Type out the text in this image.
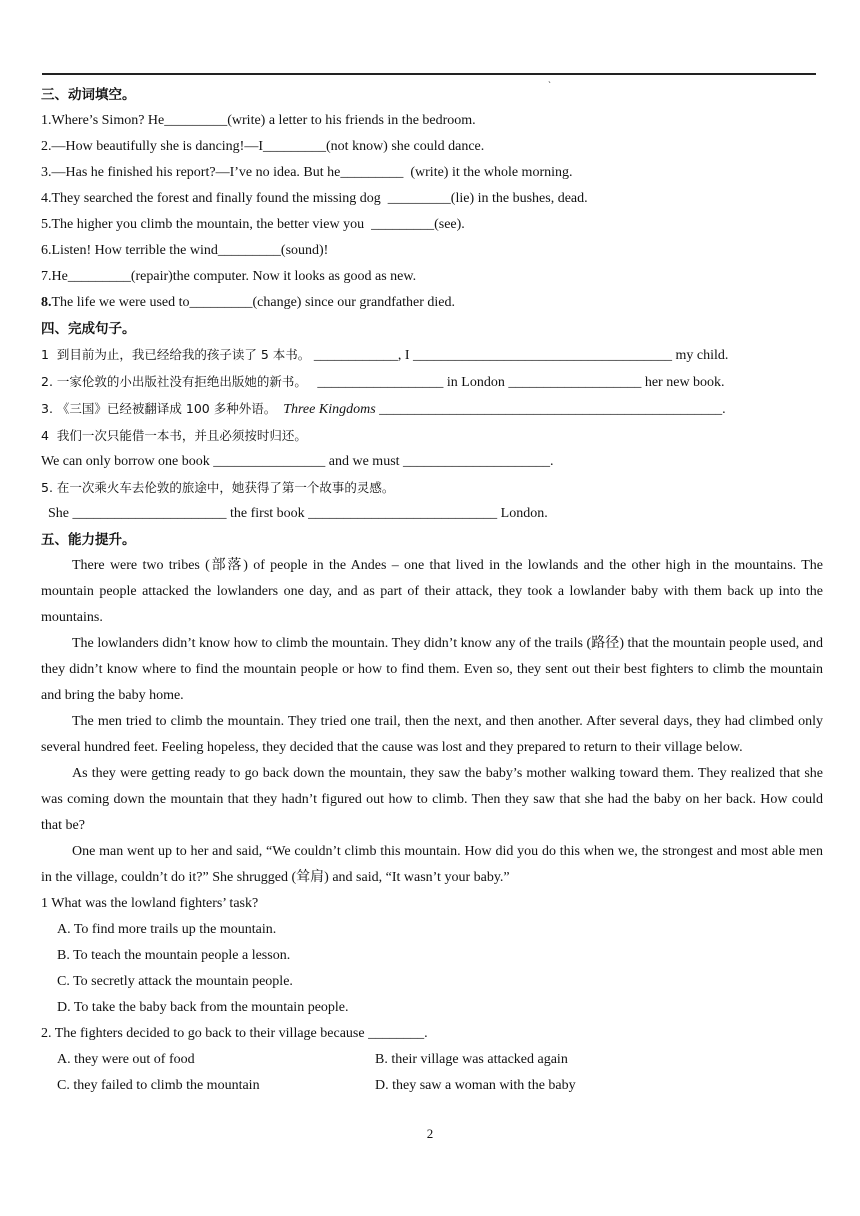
`
三、动词填空。
1.Where’s Simon? He_________(write) a letter to his friends in the bedroom.
2.—How beautifully she is dancing!—I_________(not know) she could dance.
3.—Has he finished his report?—I’ve no idea. But he_________  (write) it the whole morning.
4.They searched the forest and finally found the missing dog  _________(lie) in the bushes, dead.
5.The higher you climb the mountain, the better view you  _________(see).
6.Listen! How terrible the wind_________(sound)!
7.He_________(repair)the computer. Now it looks as good as new.
8.The life we were used to_________(change) since our grandfather died.
四、完成句子。
1  到目前为止，我已经给我的孩子读了 5 本书。 ____________, I _____________________________________ my child.
2. 一家伦敦的小出版社没有拒绝出版她的新书。   __________________ in London ___________________ her new book.
3. 《三国》已经被翻译成 100 多种外语。 Three Kingdoms _________________________________________________.
4  我们一次只能借一本书，并且必须按时归还。
We can only borrow one book ________________ and we must _____________________.
5. 在一次乘火车去伦敦的旅途中，她获得了第一个故事的灵感。
She ______________________ the first book ___________________________ London.
五、能力提升。
There were two tribes (部落) of people in the Andes – one that lived in the lowlands and the other high in the mountains. The mountain people attacked the lowlanders one day, and as part of their attack, they took a lowlander baby with them back up into the mountains.
The lowlanders didn’t know how to climb the mountain. They didn’t know any of the trails (路径) that the mountain people used, and they didn’t know where to find the mountain people or how to find them. Even so, they sent out their best fighters to climb the mountain and bring the baby home.
The men tried to climb the mountain. They tried one trail, then the next, and then another. After several days, they had climbed only several hundred feet. Feeling hopeless, they decided that the cause was lost and they prepared to return to their village below.
As they were getting ready to go back down the mountain, they saw the baby’s mother walking toward them. They realized that she was coming down the mountain that they hadn’t figured out how to climb. Then they saw that she had the baby on her back. How could that be?
One man went up to her and said, “We couldn’t climb this mountain. How did you do this when we, the strongest and most able men in the village, couldn’t do it?” She shrugged (耸肩) and said, “It wasn’t your baby.”
1 What was the lowland fighters’ task?
A. To find more trails up the mountain.
B. To teach the mountain people a lesson.
C. To secretly attack the mountain people.
D. To take the baby back from the mountain people.
2. The fighters decided to go back to their village because ________.
A. they were out of food	B. their village was attacked again
C. they failed to climb the mountain	D. they saw a woman with the baby
2
